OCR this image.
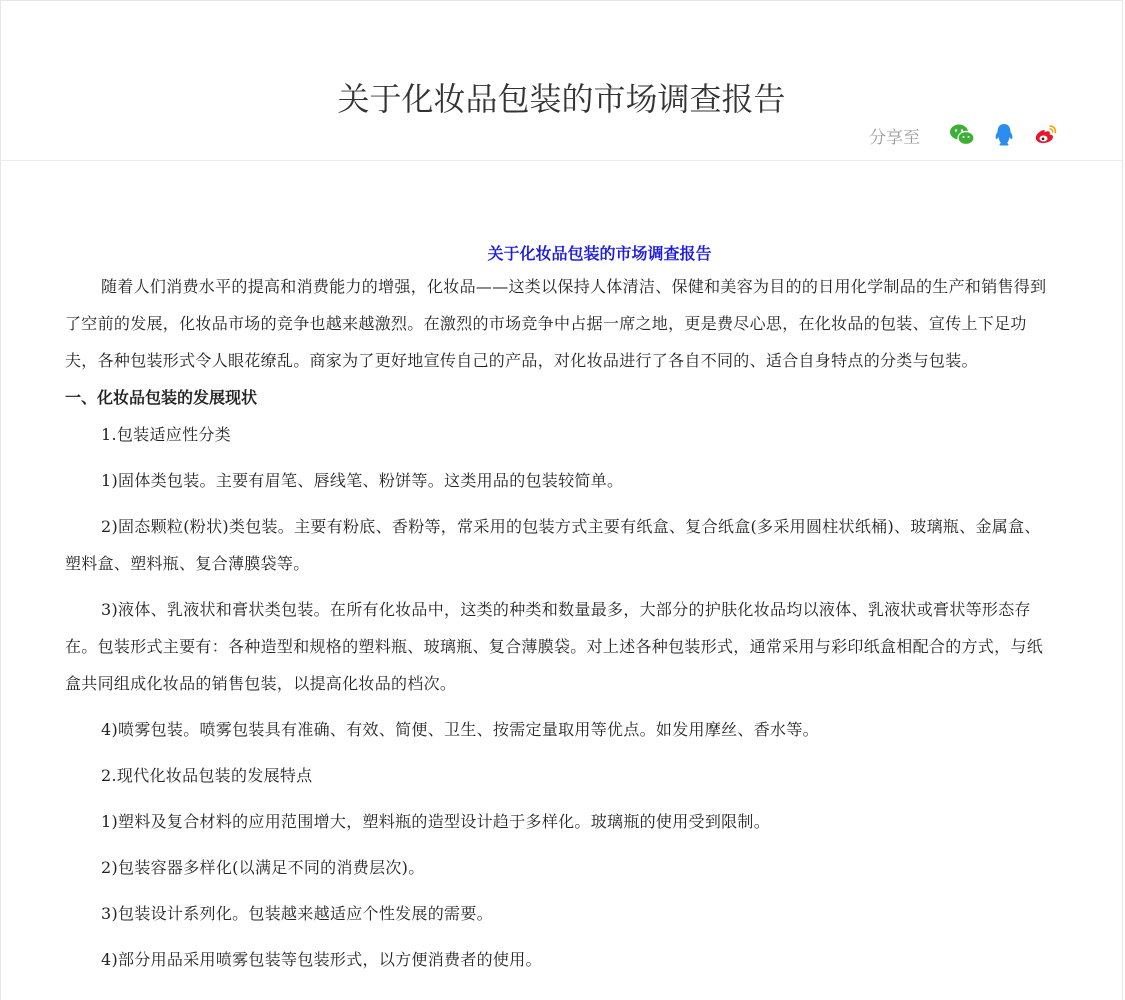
关于化妆品包装的市场调查报告
分享至
关于化妆品包装的市场调查报告

随着人们消费水平的提高和消费能力的增强，化妆品——这类以保持人体清洁、保健和美容为目的的日用化学制品的生产和销售得到了空前的发展，化妆品市场的竞争也越来越激烈。在激烈的市场竞争中占据一席之地，更是费尽心思，在化妆品的包装、宣传上下足功夫，各种包装形式令人眼花缭乱。商家为了更好地宣传自己的产品，对化妆品进行了各自不同的、适合自身特点的分类与包装。

一、化妆品包装的发展现状

1.包装适应性分类

1)固体类包装。主要有眉笔、唇线笔、粉饼等。这类用品的包装较简单。

2)固态颗粒(粉状)类包装。主要有粉底、香粉等，常采用的包装方式主要有纸盒、复合纸盒(多采用圆柱状纸桶)、玻璃瓶、金属盒、塑料盒、塑料瓶、复合薄膜袋等。

3)液体、乳液状和膏状类包装。在所有化妆品中，这类的种类和数量最多，大部分的护肤化妆品均以液体、乳液状或膏状等形态存在。包装形式主要有：各种造型和规格的塑料瓶、玻璃瓶、复合薄膜袋。对上述各种包装形式，通常采用与彩印纸盒相配合的方式，与纸盒共同组成化妆品的销售包装，以提高化妆品的档次。

4)喷雾包装。喷雾包装具有准确、有效、简便、卫生、按需定量取用等优点。如发用摩丝、香水等。

2.现代化妆品包装的发展特点

1)塑料及复合材料的应用范围增大，塑料瓶的造型设计趋于多样化。玻璃瓶的使用受到限制。

2)包装容器多样化(以满足不同的消费层次)。

3)包装设计系列化。包装越来越适应个性发展的需要。

4)部分用品采用喷雾包装等包装形式，以方便消费者的使用。
